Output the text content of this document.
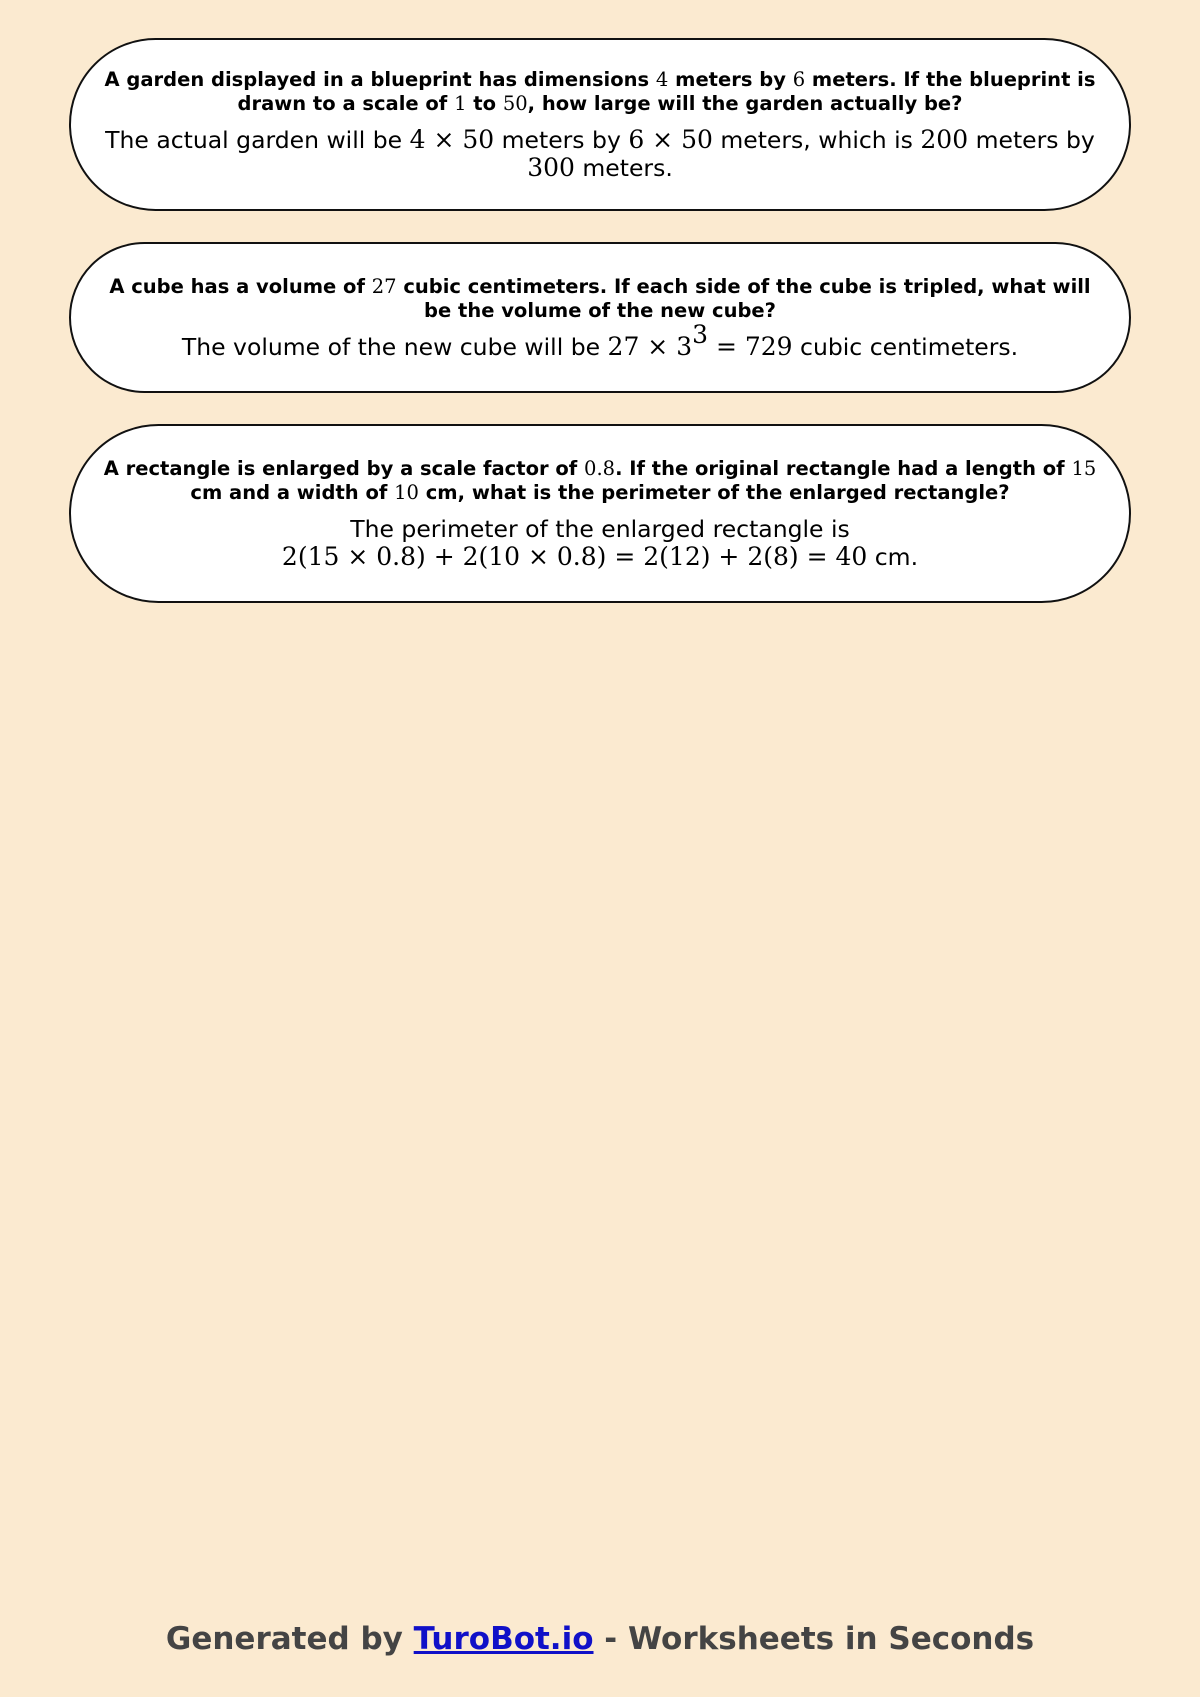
A garden displayed in a blueprint has dimensions 4 meters by 6 meters. If the blueprint is drawn to a scale of 1 to 50, how large will the garden actually be?

The actual garden will be 4 × 50 meters by 6 × 50 meters, which is 200 meters by 300 meters.

A cube has a volume of 27 cubic centimeters. If each side of the cube is tripled, what will be the volume of the new cube?

The volume of the new cube will be $27 \times 3^3 = 729$ cubic centimeters.

A rectangle is enlarged by a scale factor of 0.8. If the original rectangle had a length of 15 cm and a width of 10 cm, what is the perimeter of the enlarged rectangle?

The perimeter of the enlarged rectangle is
2(15 × 0.8) + 2(10 × 0.8) = 2(12) + 2(8) = 40 cm.

Generated by TuroBot.io - Worksheets in Seconds
